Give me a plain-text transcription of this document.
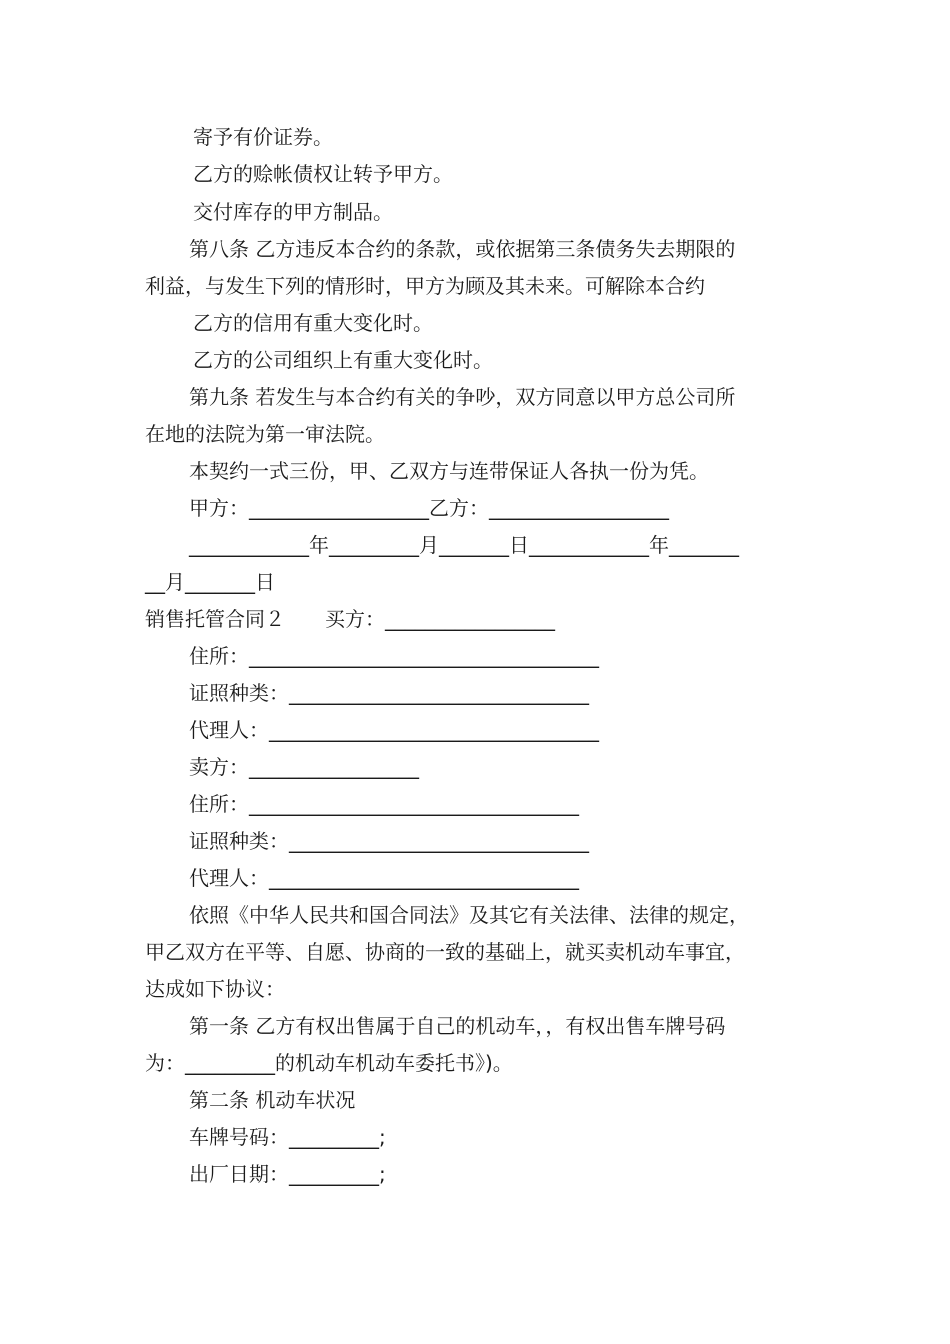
寄予有价证券。
乙方的赊帐债权让转予甲方。
交付库存的甲方制品。
第八条 乙方违反本合约的条款，或依据第三条债务失去期限的
利益，与发生下列的情形时，甲方为顾及其未来。可解除本合约
乙方的信用有重大变化时。
乙方的公司组织上有重大变化时。
第九条 若发生与本合约有关的争吵，双方同意以甲方总公司所
在地的法院为第一审法院。
本契约一式三份，甲、乙双方与连带保证人各执一份为凭。
甲方：__________________乙方：__________________
____________年_________月_______日____________年_______
__月_______日
销售托管合同２　　买方：_________________
住所：___________________________________
证照种类：______________________________
代理人：_________________________________
卖方：_________________
住所：_________________________________
证照种类：______________________________
代理人：_______________________________
依照《中华人民共和国合同法》及其它有关法律、法律的规定，
甲乙双方在平等、自愿、协商的一致的基础上，就买卖机动车事宜，
达成如下协议：
第一条 乙方有权出售属于自己的机动车，，有权出售车牌号码
为：_________的机动车机动车委托书》)。
第二条 机动车状况
车牌号码：_________;
出厂日期：_________;
